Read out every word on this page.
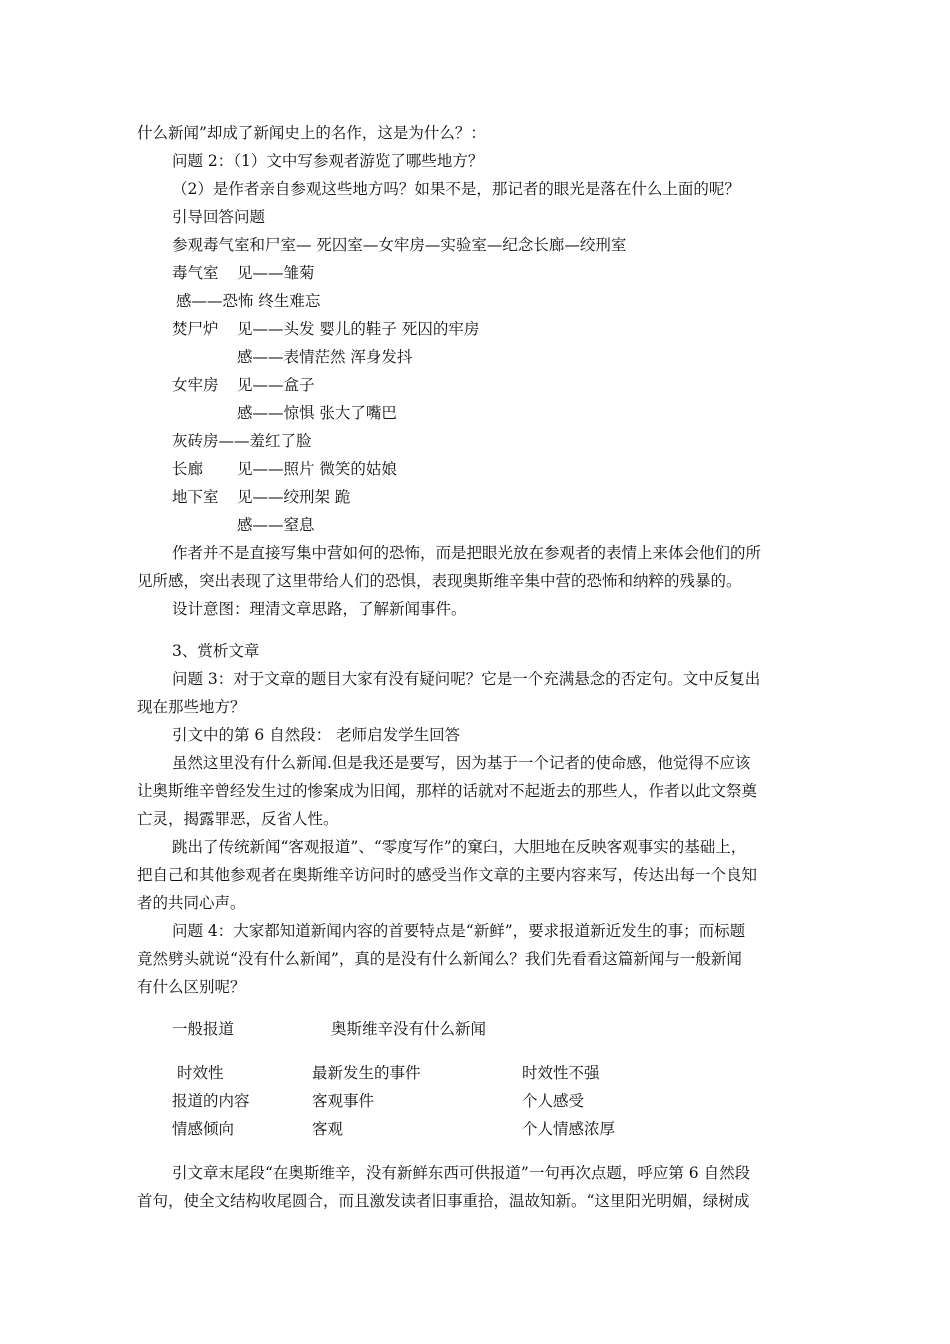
什么新闻”却成了新闻史上的名作，这是为什么？：
问题 2：（1）文中写参观者游览了哪些地方？
（2）是作者亲自参观这些地方吗？如果不是，那记者的眼光是落在什么上面的呢？
引导回答问题
参观毒气室和尸室— 死囚室—女牢房—实验室—纪念长廊—绞刑室
毒气室 见——雏菊
感——恐怖 终生难忘
焚尸炉 见——头发 婴儿的鞋子 死囚的牢房
感——表情茫然 浑身发抖
女牢房 见——盒子
感——惊惧 张大了嘴巴
灰砖房——羞红了脸
长廊 见——照片 微笑的姑娘
地下室 见——绞刑架 跪
感——窒息
作者并不是直接写集中营如何的恐怖，而是把眼光放在参观者的表情上来体会他们的所
见所感，突出表现了这里带给人们的恐惧，表现奥斯维辛集中营的恐怖和纳粹的残暴的。
设计意图：理清文章思路，了解新闻事件。
3、赏析文章
问题 3：对于文章的题目大家有没有疑问呢？它是一个充满悬念的否定句。文中反复出
现在那些地方？
引文中的第 6 自然段： 老师启发学生回答
虽然这里没有什么新闻.但是我还是要写，因为基于一个记者的使命感，他觉得不应该
让奥斯维辛曾经发生过的惨案成为旧闻，那样的话就对不起逝去的那些人，作者以此文祭奠
亡灵，揭露罪恶，反省人性。
跳出了传统新闻“客观报道”、“零度写作”的窠臼，大胆地在反映客观事实的基础上，
把自己和其他参观者在奥斯维辛访问时的感受当作文章的主要内容来写，传达出每一个良知
者的共同心声。
问题 4：大家都知道新闻内容的首要特点是“新鲜”，要求报道新近发生的事；而标题
竟然劈头就说“没有什么新闻”，真的是没有什么新闻么？我们先看看这篇新闻与一般新闻
有什么区别呢？
一般报道	奥斯维辛没有什么新闻
时效性	最新发生的事件	时效性不强
报道的内容	客观事件	个人感受
情感倾向	客观	个人情感浓厚
引文章末尾段“在奥斯维辛，没有新鲜东西可供报道”一句再次点题，呼应第 6 自然段
首句，使全文结构收尾圆合，而且激发读者旧事重拾，温故知新。“这里阳光明媚，绿树成
